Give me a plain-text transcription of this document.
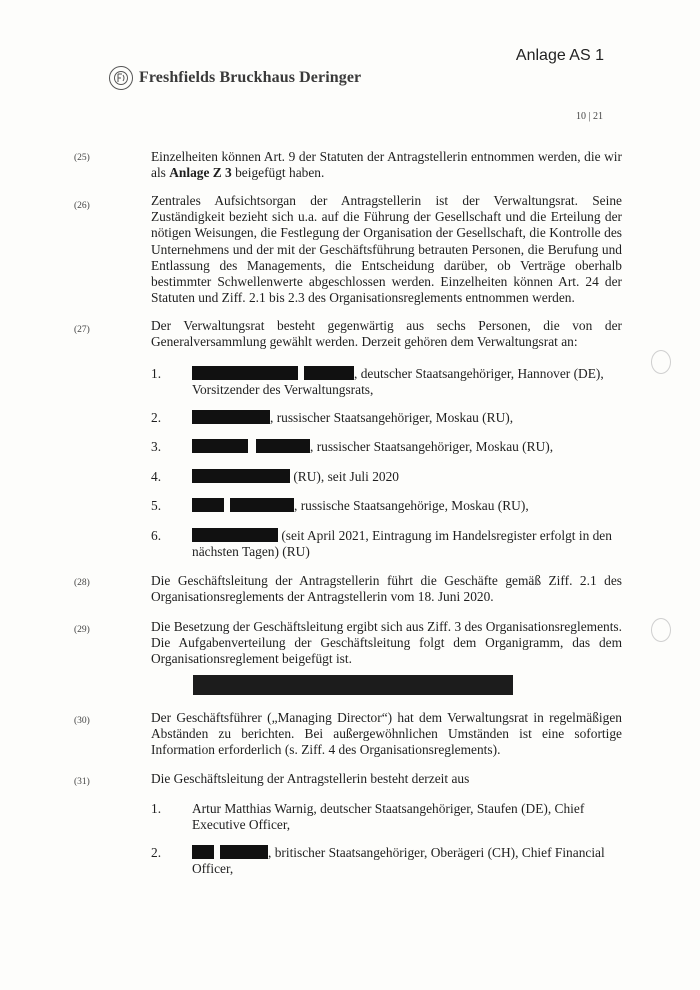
Anlage AS 1
Freshfields Bruckhaus Deringer
10 | 21
(25)	Einzelheiten können Art. 9 der Statuten der Antragstellerin entnommen werden, die wir als Anlage Z 3 beigefügt haben.
(26)	Zentrales Aufsichtsorgan der Antragstellerin ist der Verwaltungsrat. Seine Zuständigkeit bezieht sich u.a. auf die Führung der Gesellschaft und die Erteilung der nötigen Weisungen, die Festlegung der Organisation der Gesellschaft, die Kontrolle des Unternehmens und der mit der Geschäftsführung betrauten Personen, die Berufung und Entlassung des Managements, die Entscheidung darüber, ob Verträge oberhalb bestimmter Schwellenwerte abgeschlossen werden. Einzelheiten können Art. 24 der Statuten und Ziff. 2.1 bis 2.3 des Organisationsreglements entnommen werden.
(27)	Der Verwaltungsrat besteht gegenwärtig aus sechs Personen, die von der Generalversammlung gewählt werden. Derzeit gehören dem Verwaltungsrat an:
1.	, deutscher Staatsangehöriger, Hannover (DE), Vorsitzender des Verwaltungsrats,
2.	, russischer Staatsangehöriger, Moskau (RU),
3.	, russischer Staatsangehöriger, Moskau (RU),
4.	(RU), seit Juli 2020
5.	, russische Staatsangehörige, Moskau (RU),
6.	(seit April 2021, Eintragung im Handelsregister erfolgt in den nächsten Tagen) (RU)
(28)	Die Geschäftsleitung der Antragstellerin führt die Geschäfte gemäß Ziff. 2.1 des Organisationsreglements der Antragstellerin vom 18. Juni 2020.
(29)	Die Besetzung der Geschäftsleitung ergibt sich aus Ziff. 3 des Organisationsreglements. Die Aufgabenverteilung der Geschäftsleitung folgt dem Organigramm, das dem Organisationsreglement beigefügt ist.
(30)	Der Geschäftsführer („Managing Director“) hat dem Verwaltungsrat in regelmäßigen Abständen zu berichten. Bei außergewöhnlichen Umständen ist eine sofortige Information erforderlich (s. Ziff. 4 des Organisationsreglements).
(31)	Die Geschäftsleitung der Antragstellerin besteht derzeit aus
1. Artur Matthias Warnig, deutscher Staatsangehöriger, Staufen (DE), Chief Executive Officer,
2.	, britischer Staatsangehöriger, Oberägeri (CH), Chief Financial Officer,
